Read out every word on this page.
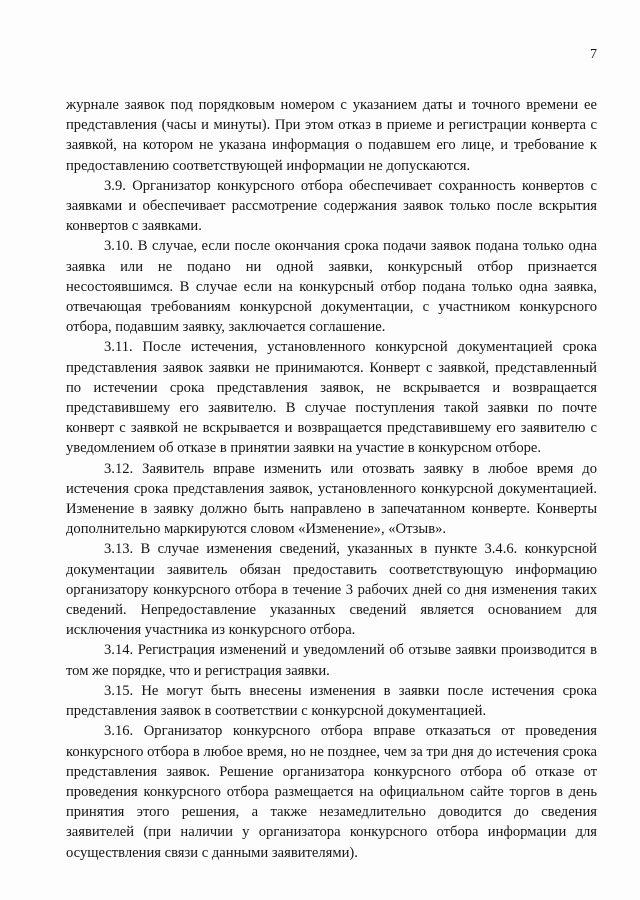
7

журнале заявок под порядковым номером с указанием даты и точного времени ее представления (часы и минуты). При этом отказ в приеме и регистрации конверта с заявкой, на котором не указана информация о подавшем его лице, и требование к предоставлению соответствующей информации не допускаются.

3.9. Организатор конкурсного отбора обеспечивает сохранность конвертов с заявками и обеспечивает рассмотрение содержания заявок только после вскрытия конвертов с заявками.

3.10. В случае, если после окончания срока подачи заявок подана только одна заявка или не подано ни одной заявки, конкурсный отбор признается несостоявшимся. В случае если на конкурсный отбор подана только одна заявка, отвечающая требованиям конкурсной документации, с участником конкурсного отбора, подавшим заявку, заключается соглашение.

3.11. После истечения, установленного конкурсной документацией срока представления заявок заявки не принимаются. Конверт с заявкой, представленный по истечении срока представления заявок, не вскрывается и возвращается представившему его заявителю. В случае поступления такой заявки по почте конверт с заявкой не вскрывается и возвращается представившему его заявителю с уведомлением об отказе в принятии заявки на участие в конкурсном отборе.

3.12. Заявитель вправе изменить или отозвать заявку в любое время до истечения срока представления заявок, установленного конкурсной документацией. Изменение в заявку должно быть направлено в запечатанном конверте. Конверты дополнительно маркируются словом «Изменение», «Отзыв».

3.13. В случае изменения сведений, указанных в пункте 3.4.6. конкурсной документации заявитель обязан предоставить соответствующую информацию организатору конкурсного отбора в течение 3 рабочих дней со дня изменения таких сведений. Непредоставление указанных сведений является основанием для исключения участника из конкурсного отбора.

3.14. Регистрация изменений и уведомлений об отзыве заявки производится в том же порядке, что и регистрация заявки.

3.15. Не могут быть внесены изменения в заявки после истечения срока представления заявок в соответствии с конкурсной документацией.

3.16. Организатор конкурсного отбора вправе отказаться от проведения конкурсного отбора в любое время, но не позднее, чем за три дня до истечения срока представления заявок. Решение организатора конкурсного отбора об отказе от проведения конкурсного отбора размещается на официальном сайте торгов в день принятия этого решения, а также незамедлительно доводится до сведения заявителей (при наличии у организатора конкурсного отбора информации для осуществления связи с данными заявителями).
